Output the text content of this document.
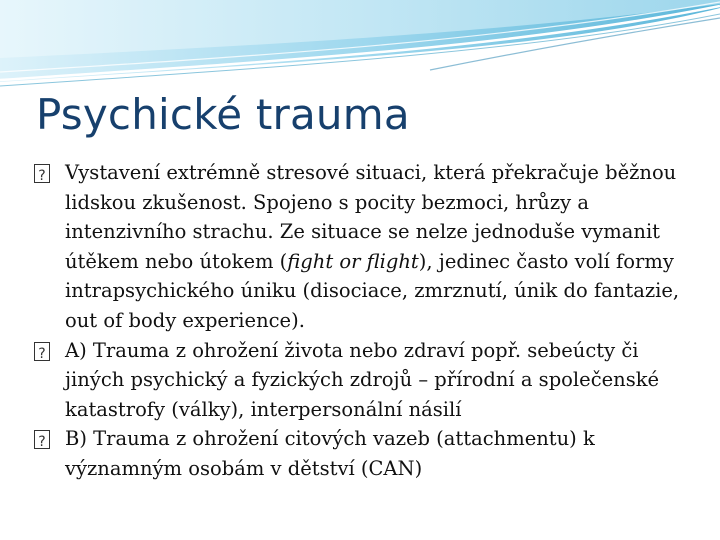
Psychické trauma

?
Vystavení extrémně stresové situaci, která překračuje běžnou lidskou zkušenost. Spojeno s pocity bezmoci, hrůzy a intenzivního strachu. Ze situace se nelze jednoduše vymanit útěkem nebo útokem (fight or flight), jedinec často volí formy intrapsychického úniku (disociace, zmrznutí, únik do fantazie, out of body experience).

?
A) Trauma z ohrožení života nebo zdraví popř. sebeúcty či jiných psychický a fyzických zdrojů – přírodní a společenské katastrofy (války), interpersonální násilí

?
B) Trauma z ohrožení citových vazeb (attachmentu) k významným osobám v dětství (CAN)
